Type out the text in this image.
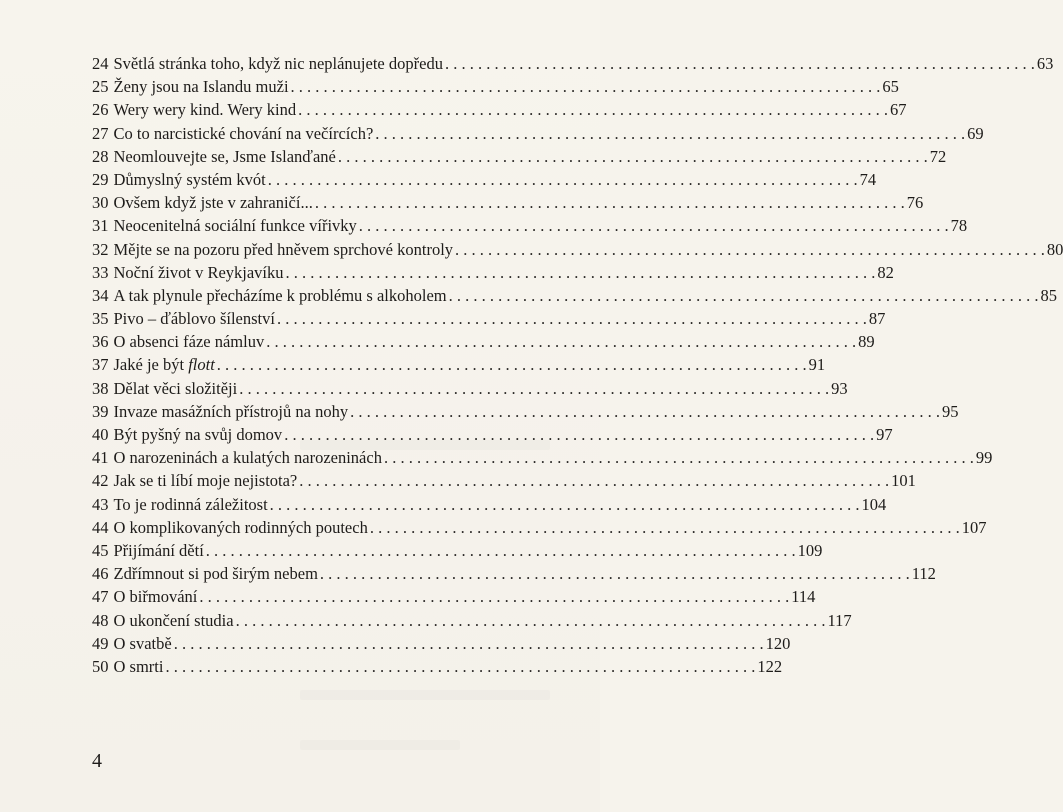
24 Světlá stránka toho, když nic neplánujete dopředu . . .	63
25 Ženy jsou na Islandu muži . . .	65
26 Wery wery kind. Wery kind . . .	67
27 Co to narcistické chování na večírcích? . . .	69
28 Neomlouvejte se, Jsme Islanďané . . .	72
29 Důmyslný systém kvót . . .	74
30 Ovšem když jste v zahraničí... . . .	76
31 Neocenitelná sociální funkce vířivky . . .	78
32 Mějte se na pozoru před hněvem sprchové kontroly . . .	80
33 Noční život v Reykjavíku . . .	82
34 A tak plynule přecházíme k problému s alkoholem . . .	85
35 Pivo – ďáblovo šílenství . . .	87
36 O absenci fáze námluv . . .	89
37 Jaké je být flott . . .	91
38 Dělat věci složitěji . . .	93
39 Invaze masážních přístrojů na nohy . . .	95
40 Být pyšný na svůj domov . . .	97
41 O narozeninách a kulatých narozeninách . . .	99
42 Jak se ti líbí moje nejistota? . . .	101
43 To je rodinná záležitost . . .	104
44 O komplikovaných rodinných poutech . . .	107
45 Přijímání dětí . . .	109
46 Zdřímnout si pod širým nebem . . .	112
47 O biřmování . . .	114
48 O ukončení studia . . .	117
49 O svatbě . . .	120
50 O smrti . . .	122
4
